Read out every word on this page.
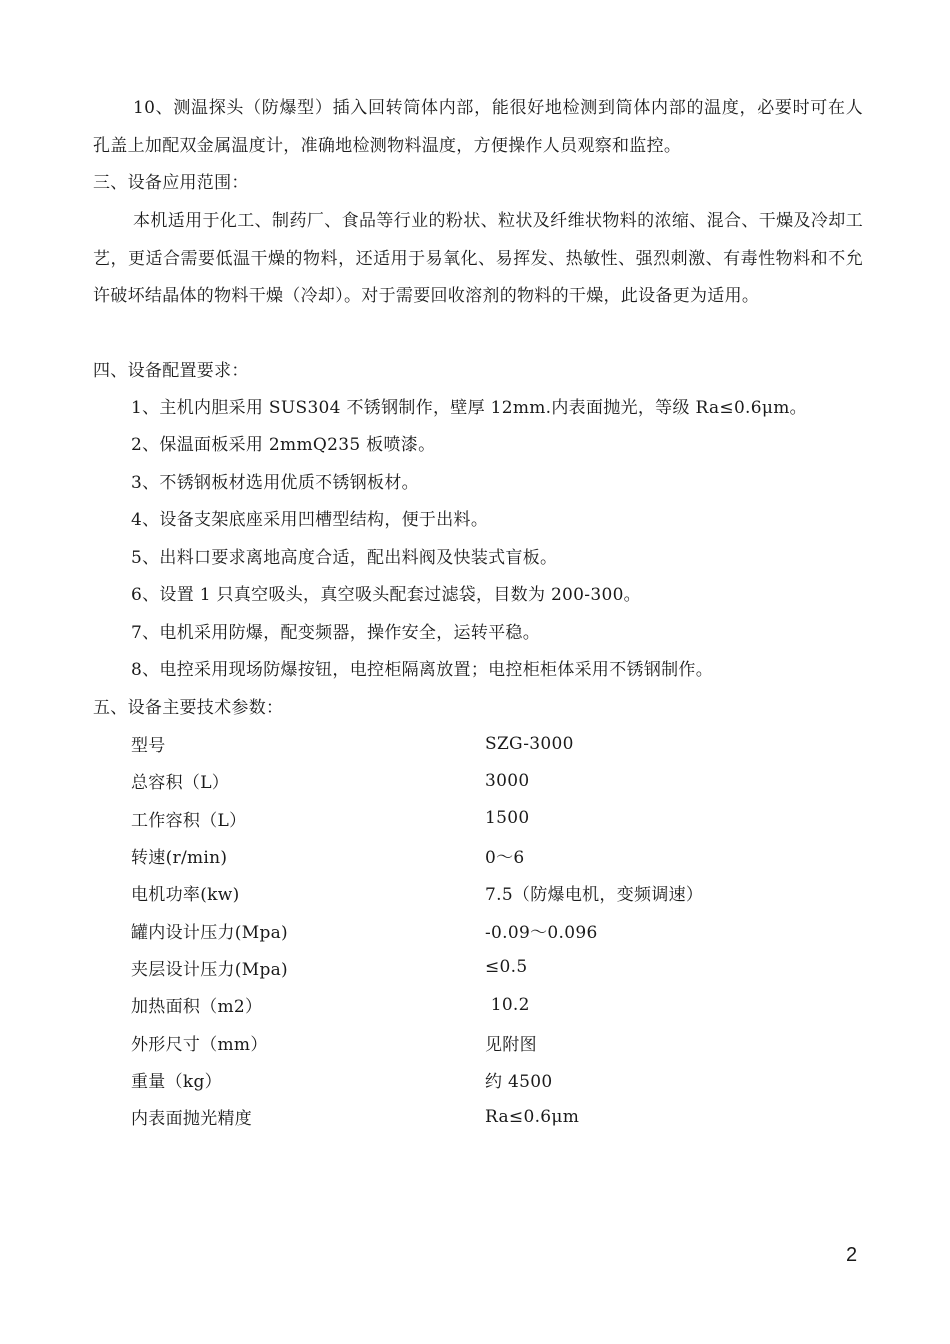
10、测温探头（防爆型）插入回转筒体内部，能很好地检测到筒体内部的温度，必要时可在人孔盖上加配双金属温度计，准确地检测物料温度，方便操作人员观察和监控。
三、设备应用范围：
本机适用于化工、制药厂、食品等行业的粉状、粒状及纤维状物料的浓缩、混合、干燥及冷却工艺，更适合需要低温干燥的物料，还适用于易氧化、易挥发、热敏性、强烈刺激、有毒性物料和不允许破坏结晶体的物料干燥（冷却）。对于需要回收溶剂的物料的干燥，此设备更为适用。
四、设备配置要求：
1、主机内胆采用 SUS304 不锈钢制作，壁厚 12mm.内表面抛光，等级 Ra≤0.6μm。
2、保温面板采用 2mmQ235 板喷漆。
3、不锈钢板材选用优质不锈钢板材。
4、设备支架底座采用凹槽型结构，便于出料。
5、出料口要求离地高度合适，配出料阀及快装式盲板。
6、设置 1 只真空吸头，真空吸头配套过滤袋，目数为 200-300。
7、电机采用防爆，配变频器，操作安全，运转平稳。
8、电控采用现场防爆按钮，电控柜隔离放置；电控柜柜体采用不锈钢制作。
五、设备主要技术参数：
型号	SZG-3000
总容积（L）	3000
工作容积（L）	1500
转速(r/min)	0～6
电机功率(kw)	7.5（防爆电机，变频调速）
罐内设计压力(Mpa)	-0.09～0.096
夹层设计压力(Mpa)	≤0.5
加热面积（m2）	10.2
外形尺寸（mm）	见附图
重量（kg）	约 4500
内表面抛光精度	Ra≤0.6μm
2
